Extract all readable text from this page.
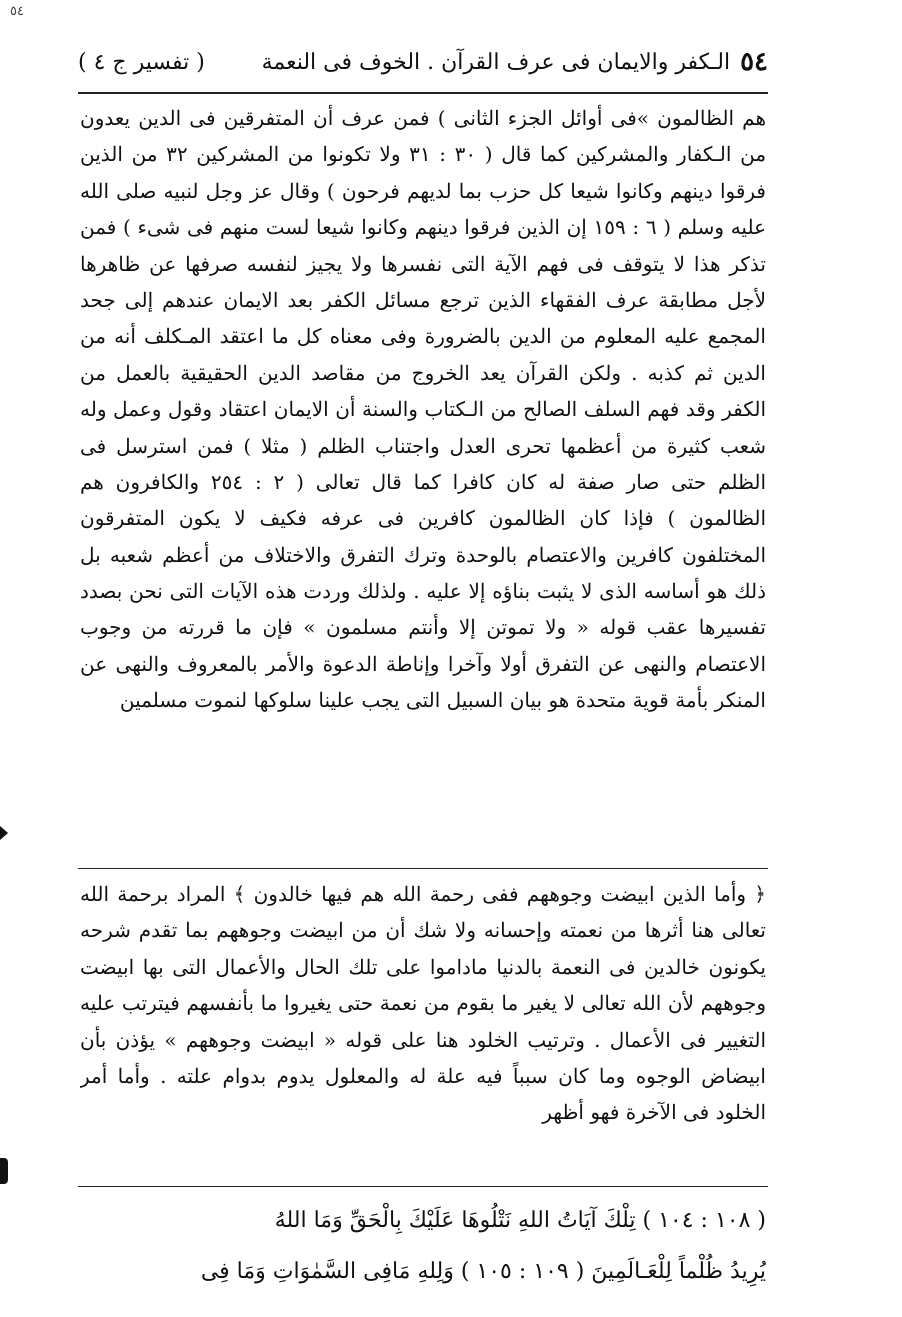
٥٤
٥٤
الـكفر والايمان فى عرف القرآن . الخوف فى النعمة
( تفسير ج ٤ )

هم الظالمون »فى أوائل الجزء الثانى ) فمن عرف أن المتفرقين فى الدين يعدون من الـكفار والمشركين كما قال ( ٣٠ : ٣١ ولا تكونوا من المشركين ٣٢ من الذين فرقوا دينهم وكانوا شيعا كل حزب بما لديهم فرحون ) وقال عز وجل لنبيه صلى الله عليه وسلم ( ٦ : ١٥٩ إن الذين فرقوا دينهم وكانوا شيعا لست منهم فى شىء ) فمن تذكر هذا لا يتوقف فى فهم الآية التى نفسرها ولا يجيز لنفسه صرفها عن ظاهرها لأجل مطابقة عرف الفقهاء الذين ترجع مسائل الكفر بعد الايمان عندهم إلى جحد المجمع عليه المعلوم من الدين بالضرورة وفى معناه كل ما اعتقد المـكلف أنه من الدين ثم كذبه . ولكن القرآن يعد الخروج من مقاصد الدين الحقيقية بالعمل من الكفر وقد فهم السلف الصالح من الـكتاب والسنة أن الايمان اعتقاد وقول وعمل وله شعب كثيرة من أعظمها تحرى العدل واجتناب الظلم ( مثلا ) فمن استرسل فى الظلم حتى صار صفة له كان كافرا كما قال تعالى ( ٢ : ٢٥٤ والكافرون هم الظالمون ) فإذا كان الظالمون كافرين فى عرفه فكيف لا يكون المتفرقون المختلفون كافرين والاعتصام بالوحدة وترك التفرق والاختلاف من أعظم شعبه بل ذلك هو أساسه الذى لا يثبت بناؤه إلا عليه . ولذلك وردت هذه الآيات التى نحن بصدد تفسيرها عقب قوله « ولا تموتن إلا وأنتم مسلمون » فإن ما قررته من وجوب الاعتصام والنهى عن التفرق أولا وآخرا وإناطة الدعوة والأمر بالمعروف والنهى عن المنكر بأمة قوية متحدة هو بيان السبيل التى يجب علينا سلوكها لنموت مسلمين

﴿ وأما الذين ابيضت وجوههم ففى رحمة الله هم فيها خالدون ﴾ المراد برحمة الله تعالى هنا أثرها من نعمته وإحسانه ولا شك أن من ابيضت وجوههم بما تقدم شرحه يكونون خالدين فى النعمة بالدنيا ماداموا على تلك الحال والأعمال التى بها ابيضت وجوههم لأن الله تعالى لا يغير ما بقوم من نعمة حتى يغيروا ما بأنفسهم فيترتب عليه التغيير فى الأعمال . وترتيب الخلود هنا على قوله « ابيضت وجوههم » يؤذن بأن ابيضاض الوجوه وما كان سبباً فيه علة له والمعلول يدوم بدوام علته . وأما أمر الخلود فى الآخرة فهو أظهر

( ١٠٨ : ١٠٤ ) تِلْكَ آيَاتُ اللهِ نَتْلُوهَا عَلَيْكَ بِالْحَقِّ وَمَا اللهُ

يُرِيدُ ظُلْماً لِلْعَـالَمِينَ ( ١٠٩ : ١٠٥ ) وَلِلهِ مَافِى السَّمٰوَاتِ وَمَا فِى
